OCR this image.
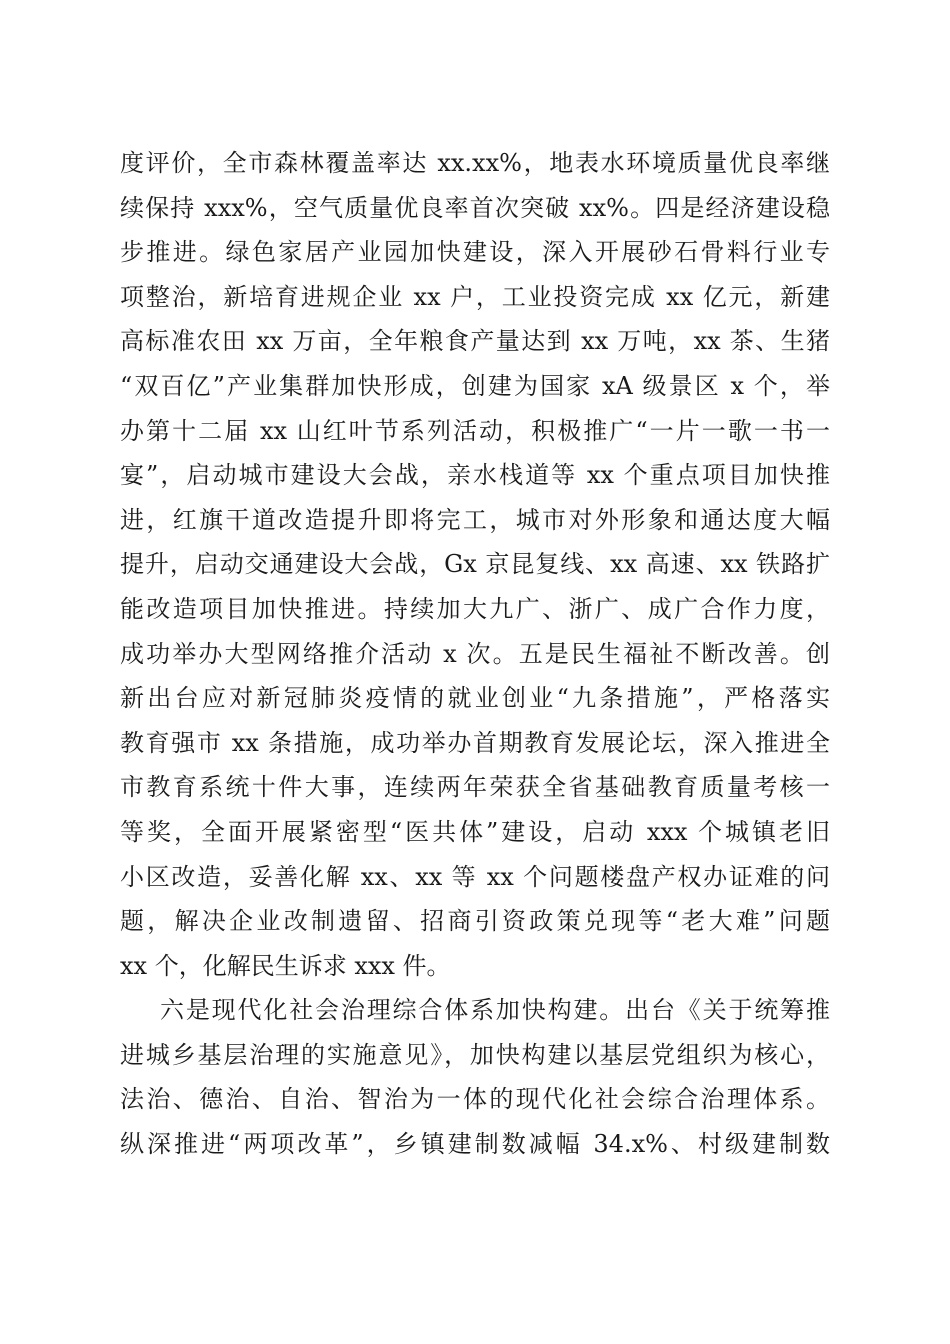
度评价，全市森林覆盖率达 xx.xx%，地表水环境质量优良率继
续保持 xxx%，空气质量优良率首次突破 xx%。四是经济建设稳
步推进。绿色家居产业园加快建设，深入开展砂石骨料行业专
项整治，新培育进规企业 xx 户，工业投资完成 xx 亿元，新建
高标准农田 xx 万亩，全年粮食产量达到 xx 万吨，xx 茶、生猪
“双百亿”产业集群加快形成，创建为国家 xA 级景区 x 个，举
办第十二届 xx 山红叶节系列活动，积极推广“一片一歌一书一
宴”，启动城市建设大会战，亲水栈道等 xx 个重点项目加快推
进，红旗干道改造提升即将完工，城市对外形象和通达度大幅
提升，启动交通建设大会战，Gx 京昆复线、xx 高速、xx 铁路扩
能改造项目加快推进。持续加大九广、浙广、成广合作力度，
成功举办大型网络推介活动 x 次。五是民生福祉不断改善。创
新出台应对新冠肺炎疫情的就业创业“九条措施”，严格落实
教育强市 xx 条措施，成功举办首期教育发展论坛，深入推进全
市教育系统十件大事，连续两年荣获全省基础教育质量考核一
等奖，全面开展紧密型“医共体”建设，启动 xxx 个城镇老旧
小区改造，妥善化解 xx、xx 等 xx 个问题楼盘产权办证难的问
题，解决企业改制遗留、招商引资政策兑现等“老大难”问题
xx 个，化解民生诉求 xxx 件。
六是现代化社会治理综合体系加快构建。出台《关于统筹推
进城乡基层治理的实施意见》，加快构建以基层党组织为核心，
法治、德治、自治、智治为一体的现代化社会综合治理体系。
纵深推进“两项改革”，乡镇建制数减幅 34.x%、村级建制数
